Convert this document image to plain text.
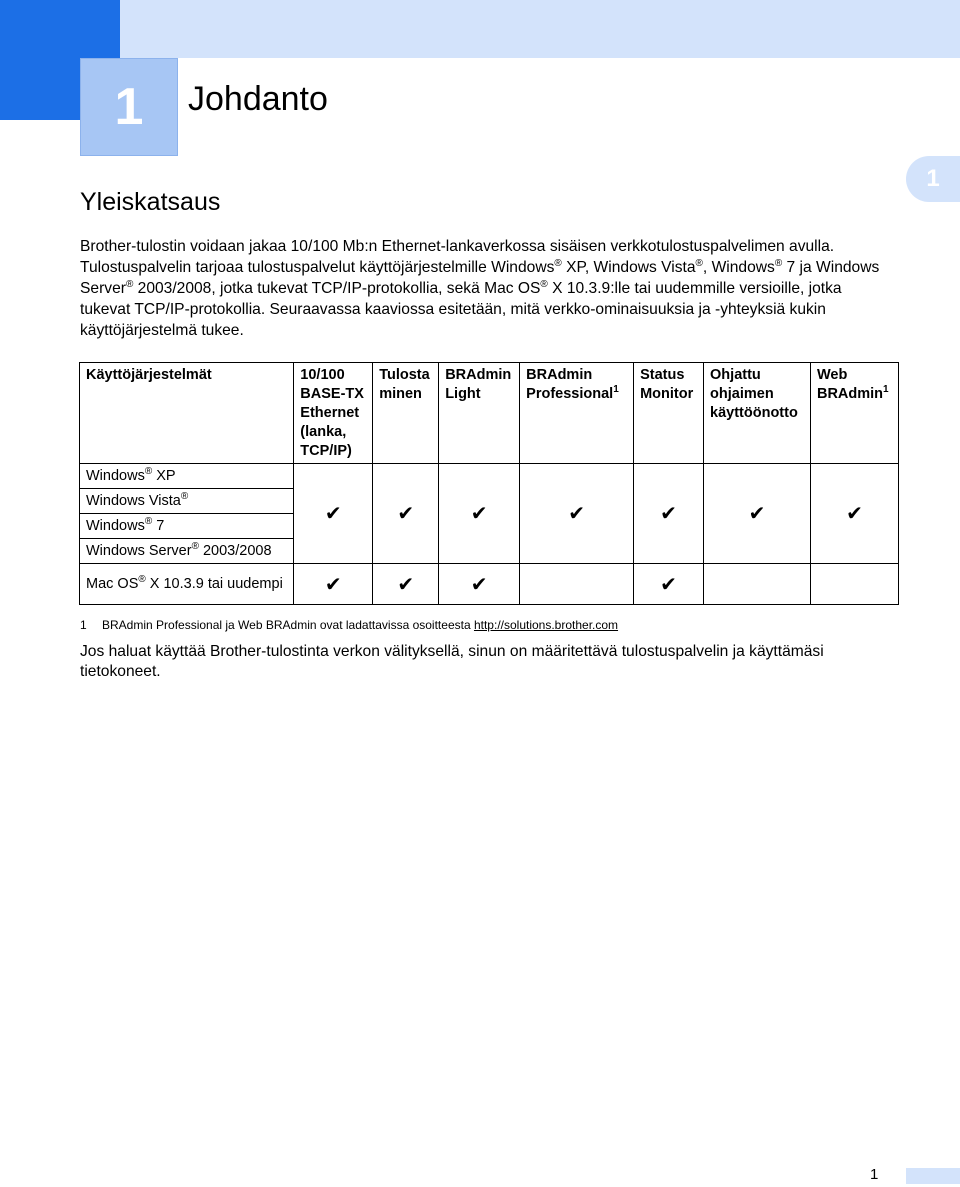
1	Johdanto
1
Yleiskatsaus

Brother-tulostin voidaan jakaa 10/100 Mb:n Ethernet-lankaverkossa sisäisen verkkotulostuspalvelimen avulla. Tulostuspalvelin tarjoaa tulostuspalvelut käyttöjärjestelmille Windows® XP, Windows Vista®, Windows® 7 ja Windows Server® 2003/2008, jotka tukevat TCP/IP-protokollia, sekä Mac OS® X 10.3.9:lle tai uudemmille versioille, jotka tukevat TCP/IP-protokollia. Seuraavassa kaaviossa esitetään, mitä verkko-ominaisuuksia ja -yhteyksiä kukin käyttöjärjestelmä tukee.

Käyttöjärjestelmät	10/100 BASE-TX Ethernet (lanka, TCP/IP)	Tulosta minen	BRAdmin Light	BRAdmin Professional$^1$	Status Monitor	Ohjattu ohjaimen käyttöönotto	Web BRAdmin$^1$
Windows® XP	✔	✔	✔	✔	✔	✔	✔
Windows Vista®
Windows® 7							
Windows Server® 2003/2008							
Mac OS® X 10.3.9 tai uudempi	✔	✔	✔		✔		

1 BRAdmin Professional ja Web BRAdmin ovat ladattavissa osoitteesta http://solutions.brother.com

Jos haluat käyttää Brother-tulostinta verkon välityksellä, sinun on määritettävä tulostuspalvelin ja käyttämäsi tietokoneet.

1
